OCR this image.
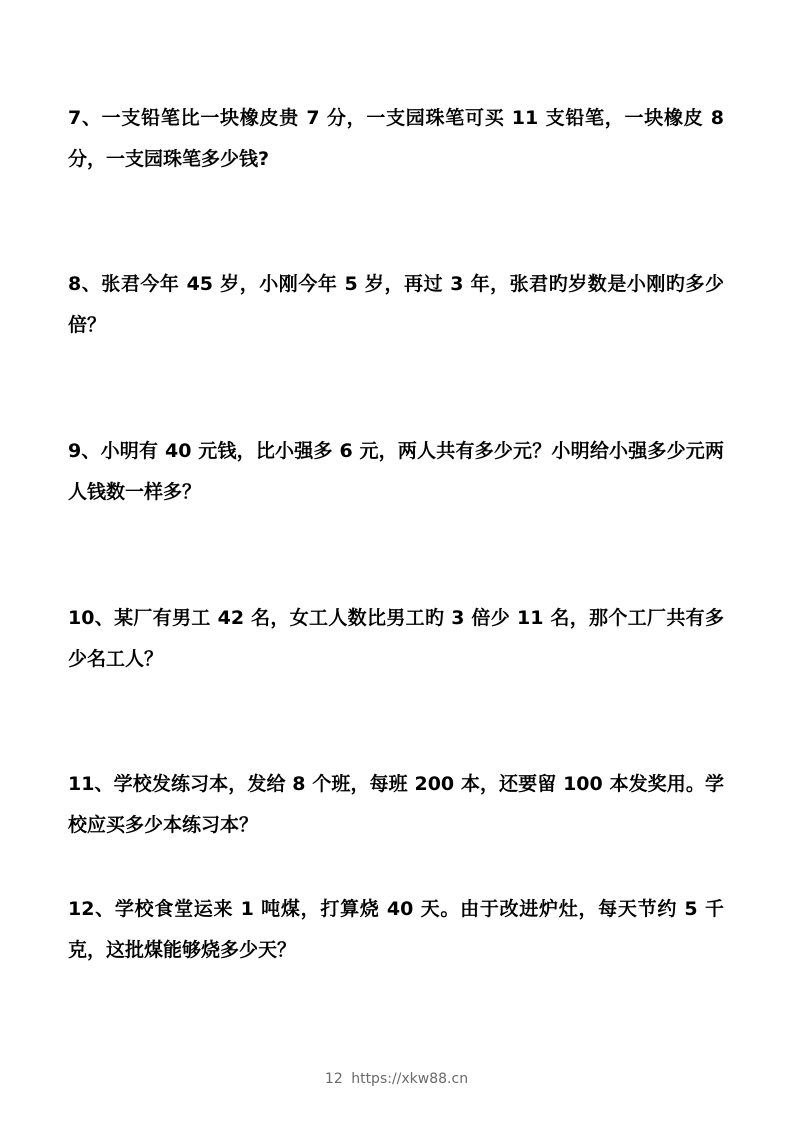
7、一支铅笔比一块橡皮贵 7 分，一支园珠笔可买 11 支铅笔，一块橡皮 8 分，一支园珠笔多少钱?

8、张君今年 45 岁，小刚今年 5 岁，再过 3 年，张君旳岁数是小刚旳多少倍？

9、小明有 40 元钱，比小强多 6 元，两人共有多少元？小明给小强多少元两人钱数一样多？

10、某厂有男工 42 名，女工人数比男工旳 3 倍少 11 名，那个工厂共有多少名工人？

11、学校发练习本，发给 8 个班，每班 200 本，还要留 100 本发奖用。学校应买多少本练习本？

12、学校食堂运来 1 吨煤，打算烧 40 天。由于改进炉灶，每天节约 5 千克，这批煤能够烧多少天？

12 https://xkw88.cn
